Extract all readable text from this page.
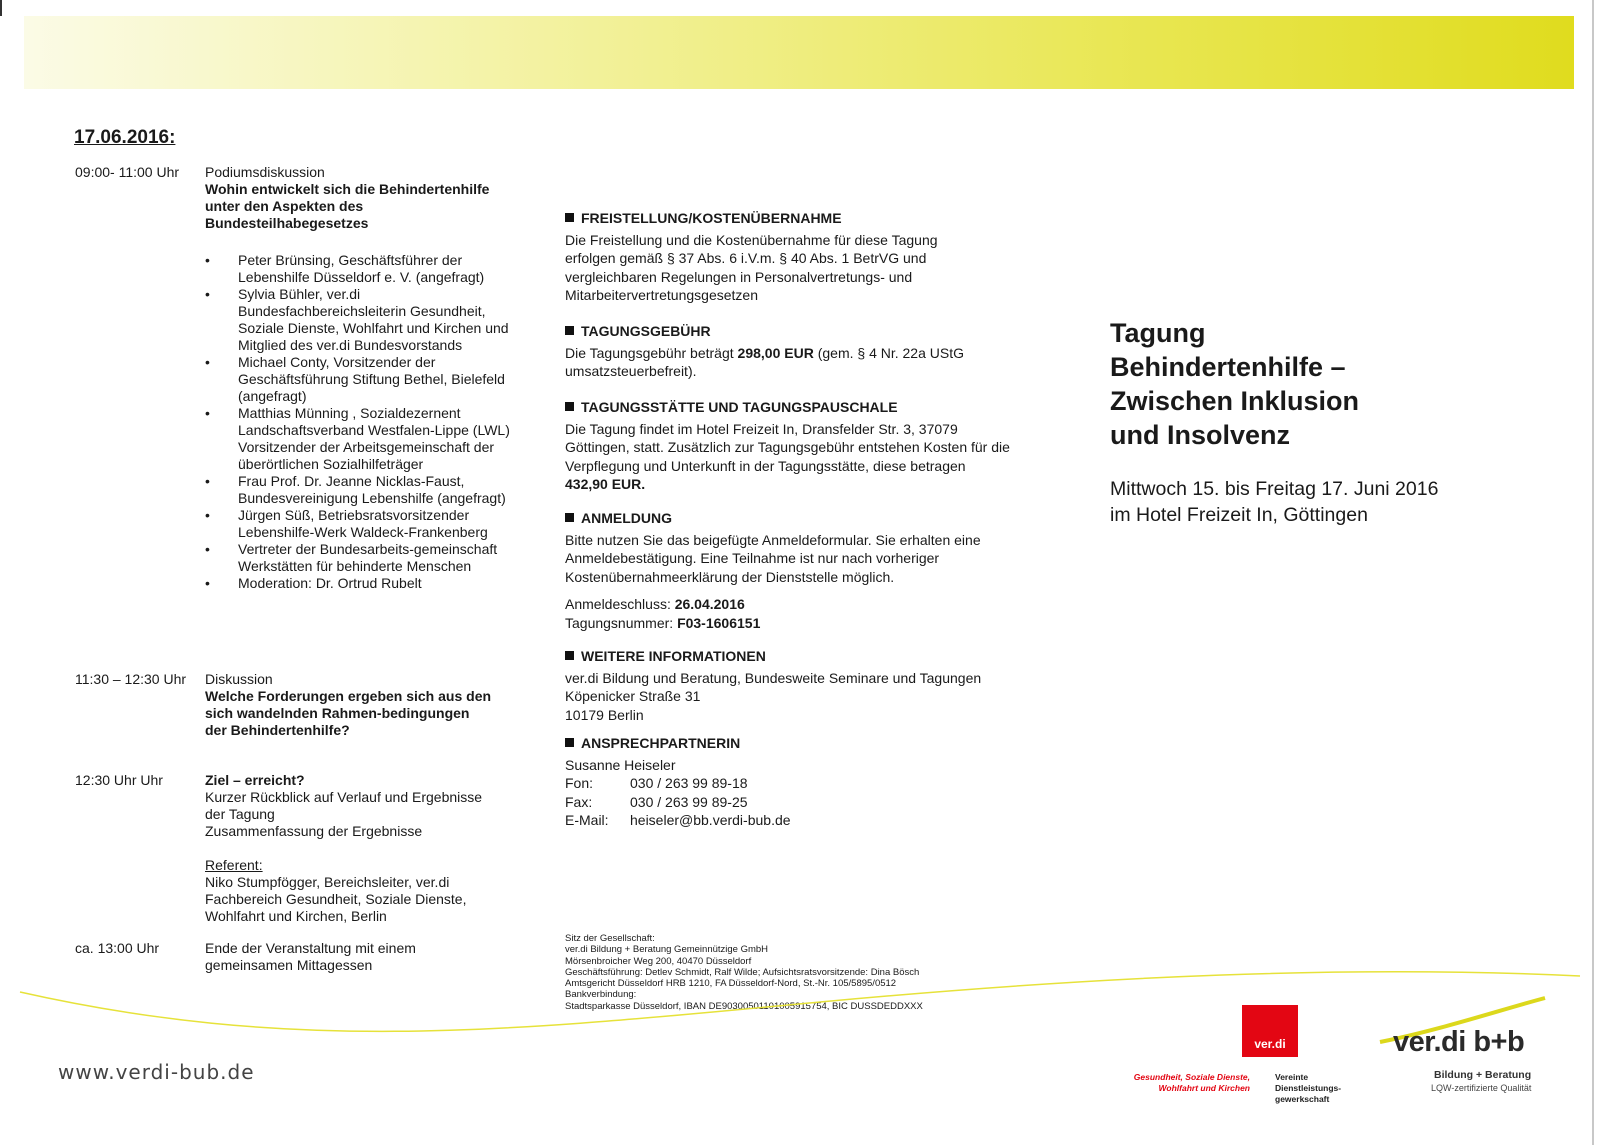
17.06.2016:
09:00- 11:00 Uhr Podiumsdiskussion
Wohin entwickelt sich die Behindertenhilfe unter den Aspekten des Bundesteilhabegesetzes
• Peter Brünsing, Geschäftsführer der Lebenshilfe Düsseldorf e. V. (angefragt)
• Sylvia Bühler, ver.di Bundesfachbereichsleiterin Gesundheit, Soziale Dienste, Wohlfahrt und Kirchen und Mitglied des ver.di Bundesvorstands
• Michael Conty, Vorsitzender der Geschäftsführung Stiftung Bethel, Bielefeld (angefragt)
• Matthias Münning , Sozialdezernent Landschaftsverband Westfalen-Lippe (LWL)
Vorsitzender der Arbeitsgemeinschaft der überörtlichen Sozialhilfeträger
• Frau Prof. Dr. Jeanne Nicklas-Faust, Bundesvereinigung Lebenshilfe (angefragt)
• Jürgen Süß, Betriebsratsvorsitzender Lebenshilfe-Werk Waldeck-Frankenberg
• Vertreter der Bundesarbeits-gemeinschaft Werkstätten für behinderte Menschen
• Moderation: Dr. Ortrud Rubelt
11:30 – 12:30 Uhr Diskussion
Welche Forderungen ergeben sich aus den sich wandelnden Rahmen-bedingungen der Behindertenhilfe?
12:30 Uhr Uhr	Ziel – erreicht?
Kurzer Rückblick auf Verlauf und Ergebnisse der Tagung
Zusammenfassung der Ergebnisse
Referent:
Niko Stumpfögger, Bereichsleiter, ver.di Fachbereich Gesundheit, Soziale Dienste, Wohlfahrt und Kirchen, Berlin
ca. 13:00 Uhr	Ende der Veranstaltung mit einem gemeinsamen Mittagessen
FREISTELLUNG/KOSTENÜBERNAHME
Die Freistellung und die Kostenübernahme für diese Tagung erfolgen gemäß § 37 Abs. 6 i.V.m. § 40 Abs. 1 BetrVG und vergleichbaren Regelungen in Personalvertretungs- und Mitarbeitervertretungsgesetzen
TAGUNGSGEBÜHR
Die Tagungsgebühr beträgt 298,00 EUR (gem. § 4 Nr. 22a UStG umsatzsteuerbefreit).
TAGUNGSSTÄTTE UND TAGUNGSPAUSCHALE
Die Tagung findet im Hotel Freizeit In, Dransfelder Str. 3, 37079 Göttingen, statt. Zusätzlich zur Tagungsgebühr entstehen Kosten für die Verpflegung und Unterkunft in der Tagungsstätte, diese betragen 432,90 EUR.
ANMELDUNG
Bitte nutzen Sie das beigefügte Anmeldeformular. Sie erhalten eine Anmeldebestätigung. Eine Teilnahme ist nur nach vorheriger Kostenübernahmeerklärung der Dienststelle möglich.
Anmeldeschluss: 26.04.2016
Tagungsnummer: F03-1606151
WEITERE INFORMATIONEN
ver.di Bildung und Beratung, Bundesweite Seminare und Tagungen
Köpenicker Straße 31
10179 Berlin
ANSPRECHPARTNERIN
Susanne Heiseler
Fon:	030 / 263 99 89-18
Fax:	030 / 263 99 89-25
E-Mail:	heiseler@bb.verdi-bub.de
Sitz der Gesellschaft:
ver.di Bildung + Beratung Gemeinnützige GmbH
Mörsenbroicher Weg 200, 40470 Düsseldorf
Geschäftsführung: Detlev Schmidt, Ralf Wilde; Aufsichtsratsvorsitzende: Dina Bösch
Amtsgericht Düsseldorf HRB 1210, FA Düsseldorf-Nord, St.-Nr. 105/5895/0512
Bankverbindung:
Stadtsparkasse Düsseldorf, IBAN DE90300501101005915754, BIC DUSSDEDDXXX
Tagung
Behindertenhilfe –
Zwischen Inklusion
und Insolvenz
Mittwoch 15. bis Freitag 17. Juni 2016
im Hotel Freizeit In, Göttingen
www.verdi-bub.de
ver.di
Gesundheit, Soziale Dienste,
Wohlfahrt und Kirchen
Vereinte
Dienstleistungs-
gewerkschaft
ver.di b+b
Bildung + Beratung
LQW-zertifizierte Qualität
